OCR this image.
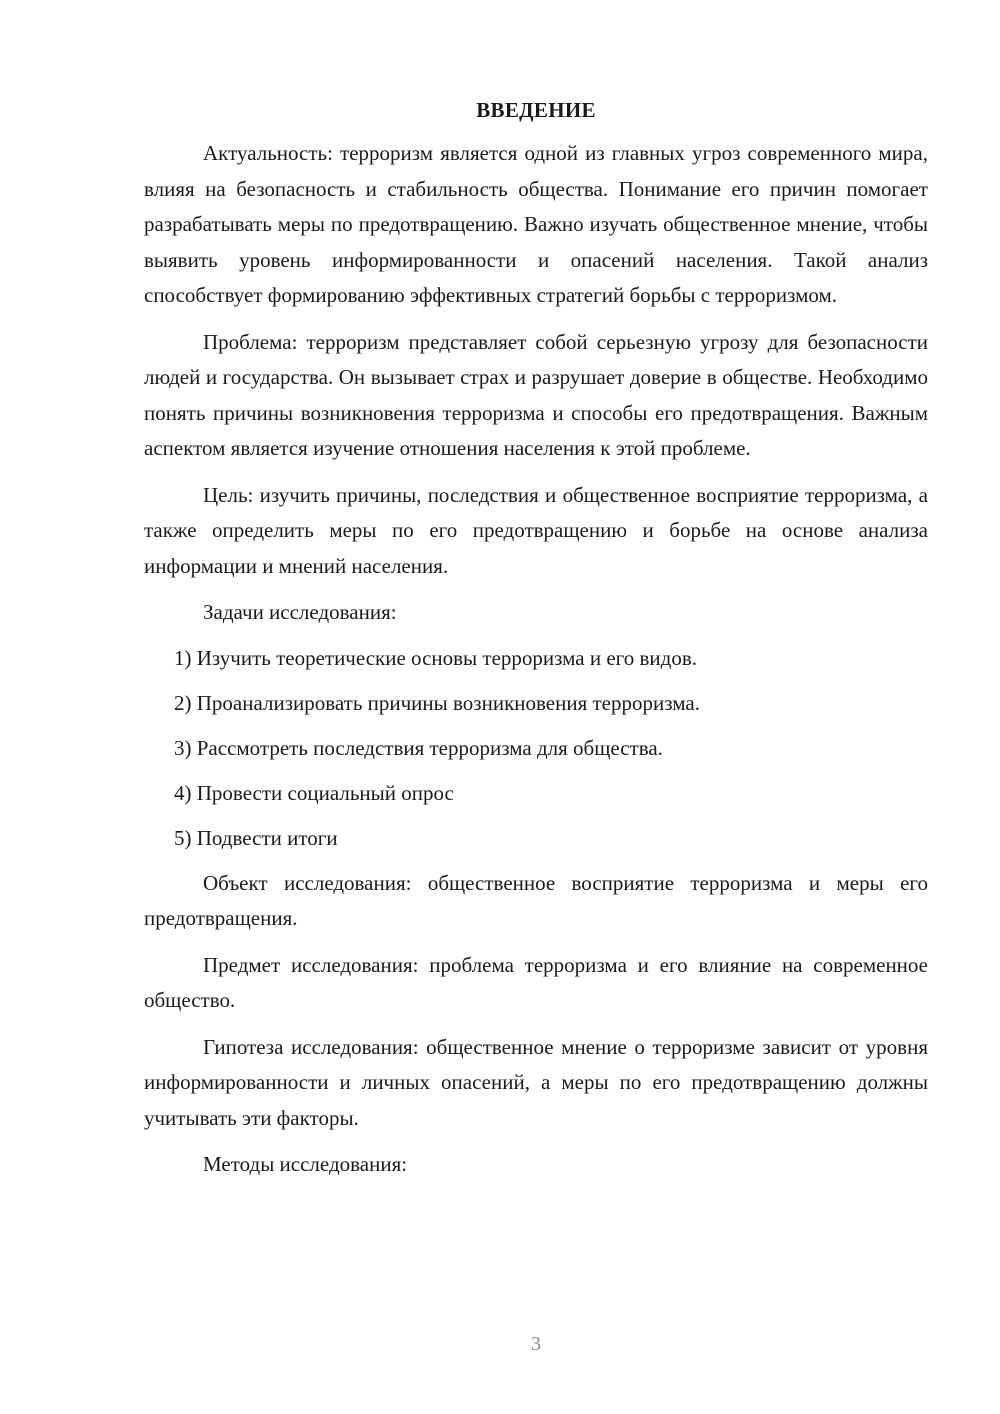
ВВЕДЕНИЕ

Актуальность: терроризм является одной из главных угроз современного мира, влияя на безопасность и стабильность общества. Понимание его причин помогает разрабатывать меры по предотвращению. Важно изучать общественное мнение, чтобы выявить уровень информированности и опасений населения. Такой анализ способствует формированию эффективных стратегий борьбы с терроризмом.

Проблема: терроризм представляет собой серьезную угрозу для безопасности людей и государства. Он вызывает страх и разрушает доверие в обществе. Необходимо понять причины возникновения терроризма и способы его предотвращения. Важным аспектом является изучение отношения населения к этой проблеме.

Цель: изучить причины, последствия и общественное восприятие терроризма, а также определить меры по его предотвращению и борьбе на основе анализа информации и мнений населения.

Задачи исследования:

1) Изучить теоретические основы терроризма и его видов.
2) Проанализировать причины возникновения терроризма.
3) Рассмотреть последствия терроризма для общества.
4) Провести социальный опрос
5) Подвести итоги

Объект исследования: общественное восприятие терроризма и меры его предотвращения.

Предмет исследования: проблема терроризма и его влияние на современное общество.

Гипотеза исследования: общественное мнение о терроризме зависит от уровня информированности и личных опасений, а меры по его предотвращению должны учитывать эти факторы.

Методы исследования:

3
